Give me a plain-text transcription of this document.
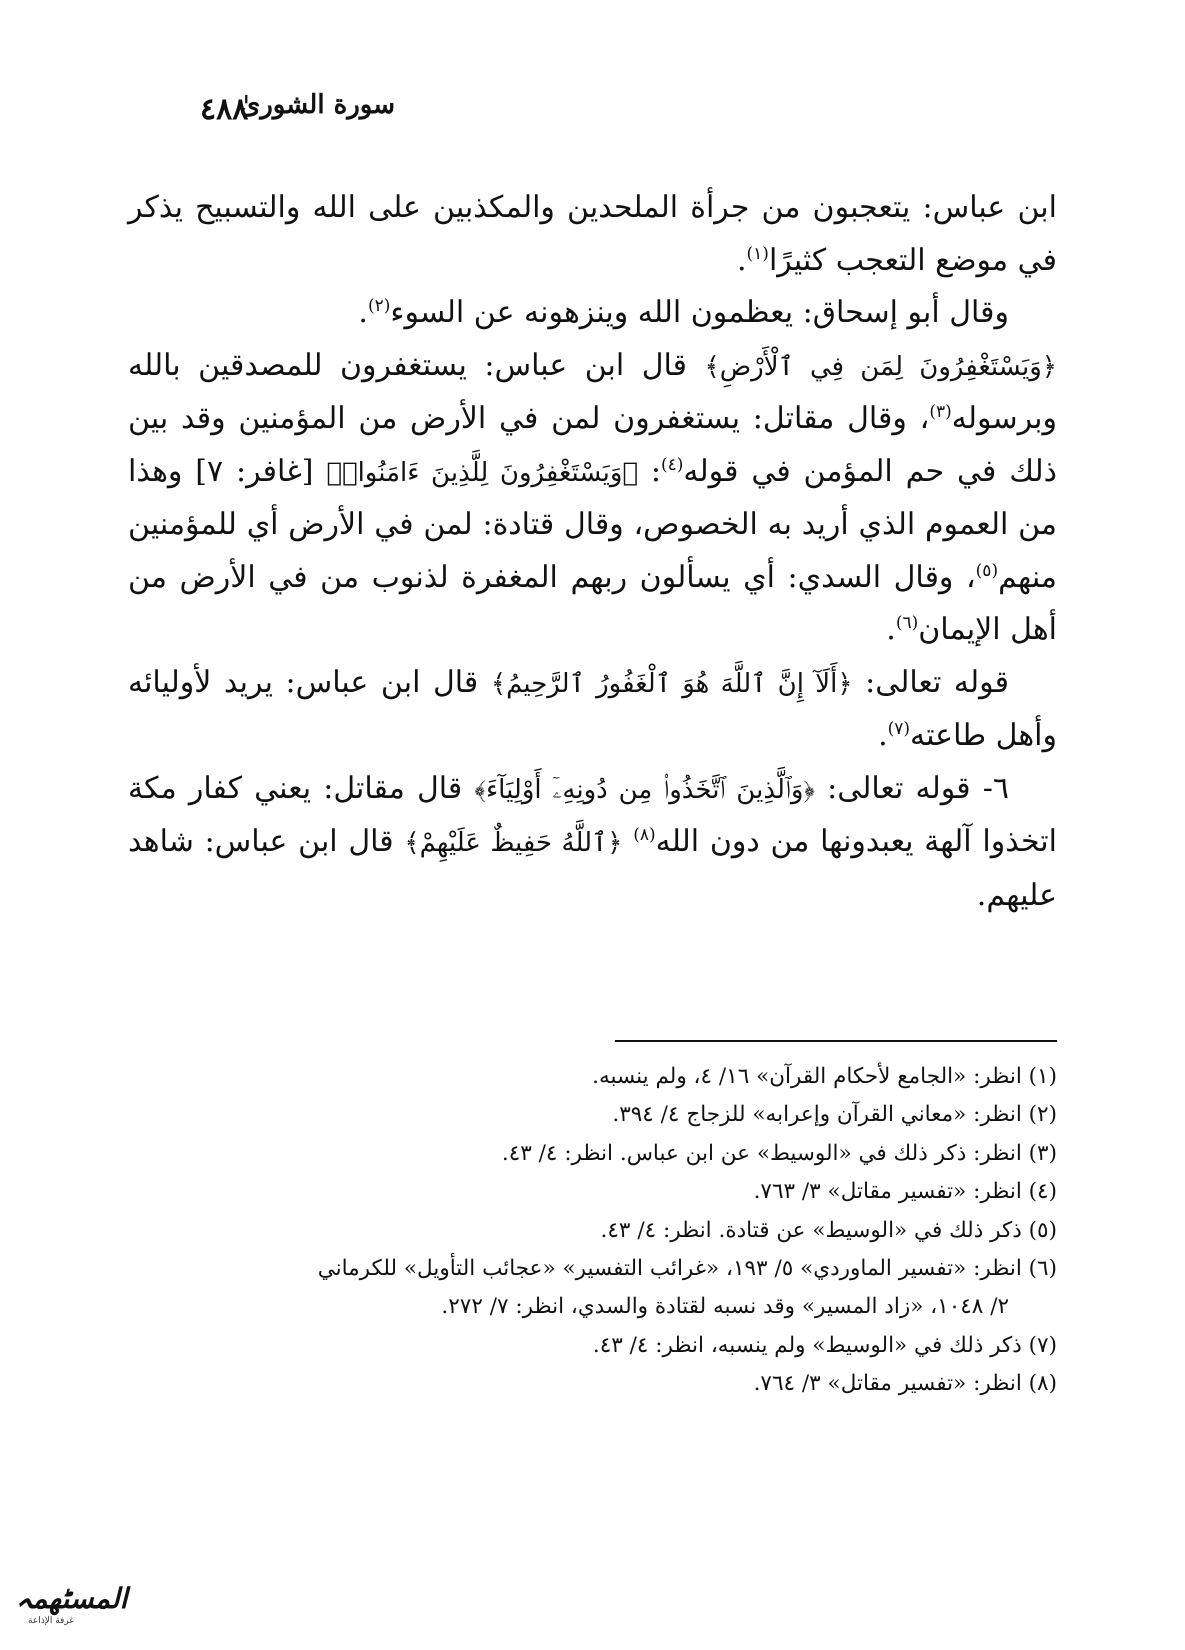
سورة الشورىٰ
٤٨٨

ابن عباس: يتعجبون من جرأة الملحدين والمكذبين على الله والتسبيح يذكر في موضع التعجب كثيرًا$^{(١)}$.

وقال أبو إسحاق: يعظمون الله وينزهونه عن السوء$^{(٢)}$.

﴿وَيَسْتَغْفِرُونَ لِمَن فِي ٱلْأَرْضِ﴾ قال ابن عباس: يستغفرون للمصدقين بالله وبرسوله$^{(٣)}$، وقال مقاتل: يستغفرون لمن في الأرض من المؤمنين وقد بين ذلك في حم المؤمن في قوله$^{(٤)}$: ﴿وَيَسْتَغْفِرُونَ لِلَّذِينَ ءَامَنُوا۟﴾ [غافر: ٧] وهذا من العموم الذي أريد به الخصوص، وقال قتادة: لمن في الأرض أي للمؤمنين منهم$^{(٥)}$، وقال السدي: أي يسألون ربهم المغفرة لذنوب من في الأرض من أهل الإيمان$^{(٦)}$.

قوله تعالى: ﴿أَلَآ إِنَّ ٱللَّهَ هُوَ ٱلْغَفُورُ ٱلرَّحِيمُ﴾ قال ابن عباس: يريد لأوليائه وأهل طاعته$^{(٧)}$.

٦- قوله تعالى: ﴿وَٱلَّذِينَ ٱتَّخَذُوا۟ مِن دُونِهِۦٓ أَوْلِيَآءَ﴾ قال مقاتل: يعني كفار مكة اتخذوا آلهة يعبدونها من دون الله$^{(٨)}$ ﴿ٱللَّهُ حَفِيظٌ عَلَيْهِمْ﴾ قال ابن عباس: شاهد عليهم.

(١) انظر: «الجامع لأحكام القرآن» ١٦/ ٤، ولم ينسبه.

(٢) انظر: «معاني القرآن وإعرابه» للزجاج ٤/ ٣٩٤.

(٣) انظر: ذكر ذلك في «الوسيط» عن ابن عباس. انظر: ٤/ ٤٣.

(٤) انظر: «تفسير مقاتل» ٣/ ٧٦٣.

(٥) ذكر ذلك في «الوسيط» عن قتادة. انظر: ٤/ ٤٣.

(٦) انظر: «تفسير الماوردي» ٥/ ١٩٣، «غرائب التفسير» «عجائب التأويل» للكرماني

٢/ ١٠٤٨، «زاد المسير» وقد نسبه لقتادة والسدي، انظر: ٧/ ٢٧٢.

(٧) ذكر ذلك في «الوسيط» ولم ينسبه، انظر: ٤/ ٤٣.

(٨) انظر: «تفسير مقاتل» ٣/ ٧٦٤.

المسٹهمہ
غرفة الإذاعة
